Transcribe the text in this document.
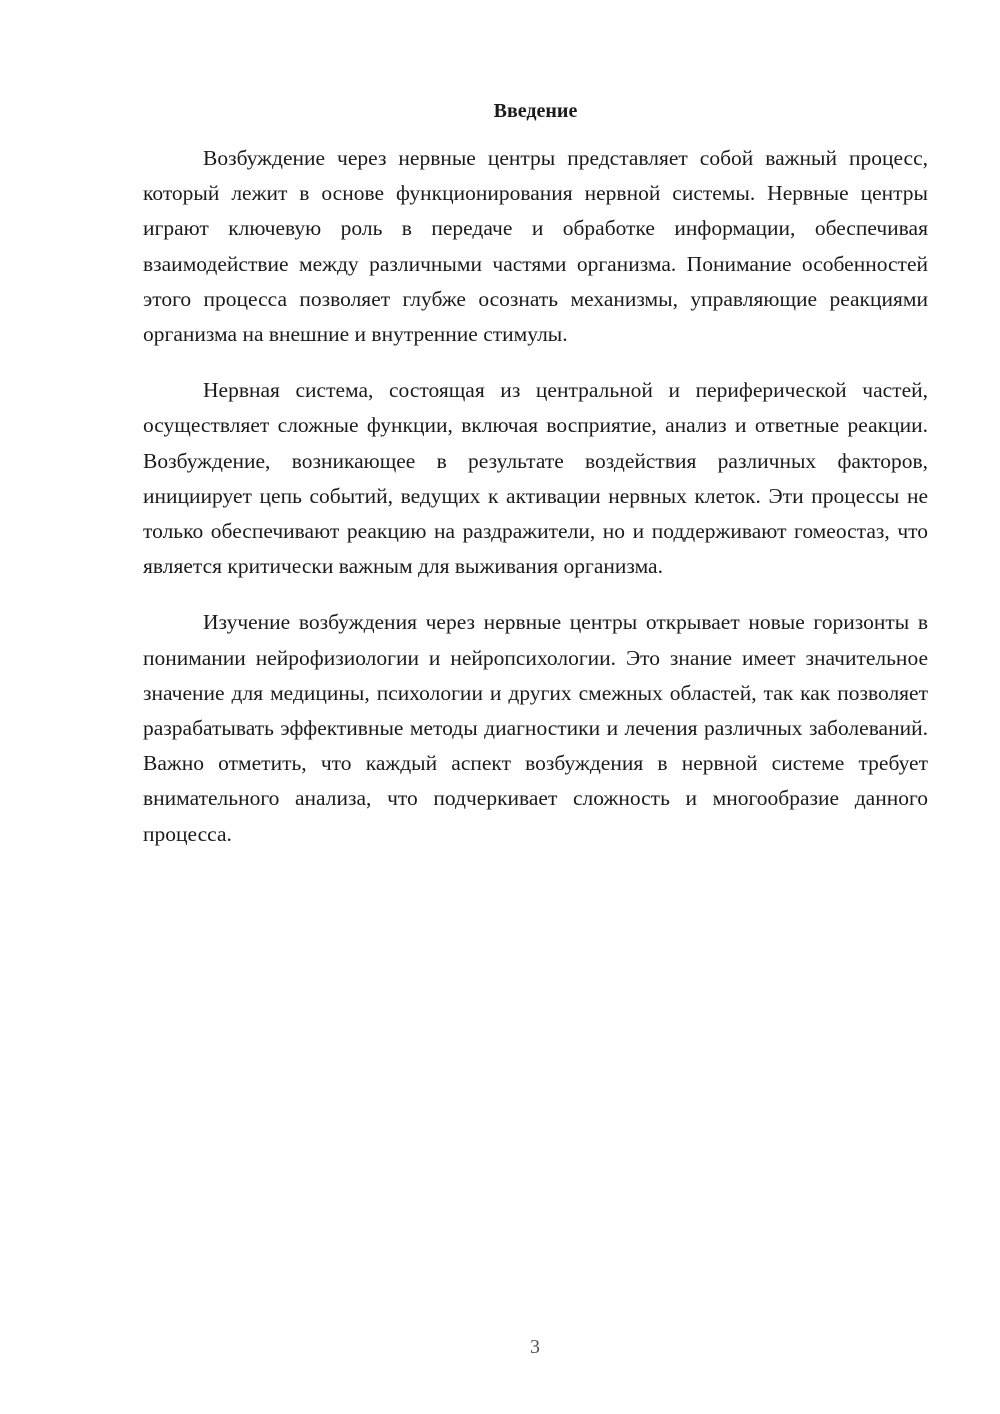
Введение

Возбуждение через нервные центры представляет собой важный процесс, который лежит в основе функционирования нервной системы. Нервные центры играют ключевую роль в передаче и обработке информации, обеспечивая взаимодействие между различными частями организма. Понимание особенностей этого процесса позволяет глубже осознать механизмы, управляющие реакциями организма на внешние и внутренние стимулы.

Нервная система, состоящая из центральной и периферической частей, осуществляет сложные функции, включая восприятие, анализ и ответные реакции. Возбуждение, возникающее в результате воздействия различных факторов, инициирует цепь событий, ведущих к активации нервных клеток. Эти процессы не только обеспечивают реакцию на раздражители, но и поддерживают гомеостаз, что является критически важным для выживания организма.

Изучение возбуждения через нервные центры открывает новые горизонты в понимании нейрофизиологии и нейропсихологии. Это знание имеет значительное значение для медицины, психологии и других смежных областей, так как позволяет разрабатывать эффективные методы диагностики и лечения различных заболеваний. Важно отметить, что каждый аспект возбуждения в нервной системе требует внимательного анализа, что подчеркивает сложность и многообразие данного процесса.

3
